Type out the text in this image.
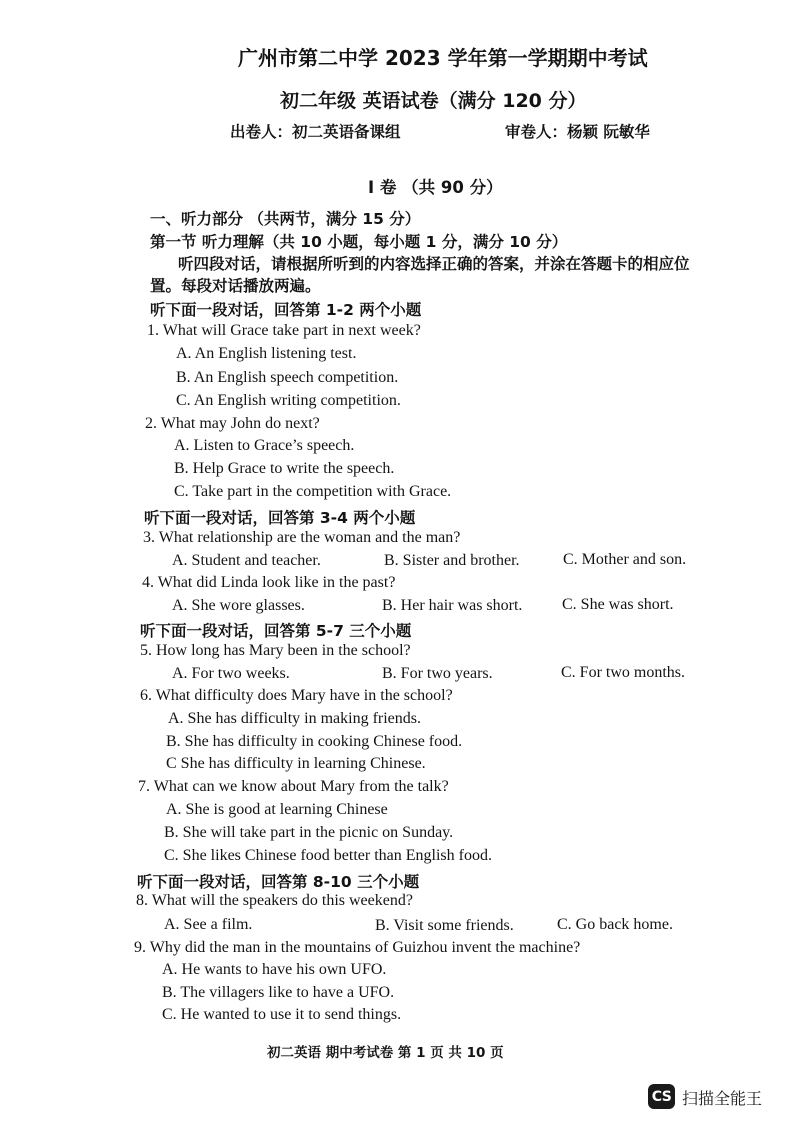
广州市第二中学 2023 学年第一学期期中考试
初二年级 英语试卷（满分 120 分）
出卷人：初二英语备课组	审卷人：杨颖 阮敏华
I 卷 （共 90 分）
一、听力部分 （共两节，满分 15 分）
第一节 听力理解（共 10 小题，每小题 1 分，满分 10 分）
听四段对话，请根据所听到的内容选择正确的答案，并涂在答题卡的相应位
置。每段对话播放两遍。
听下面一段对话，回答第 1-2 两个小题
1. What will Grace take part in next week?
A. An English listening test.
B. An English speech competition.
C. An English writing competition.
2. What may John do next?
A. Listen to Grace’s speech.
B. Help Grace to write the speech.
C. Take part in the competition with Grace.
听下面一段对话，回答第 3-4 两个小题
3. What relationship are the woman and the man?
A. Student and teacher.	B. Sister and brother.	C. Mother and son.
4. What did Linda look like in the past?
A. She wore glasses.	B. Her hair was short. C. She was short.
听下面一段对话，回答第 5-7 三个小题
5. How long has Mary been in the school?
A. For two weeks.	B. For two years.	C. For two months.
6. What difficulty does Mary have in the school?
A. She has difficulty in making friends.
B. She has difficulty in cooking Chinese food.
C She has difficulty in learning Chinese.
7. What can we know about Mary from the talk?
A. She is good at learning Chinese
B. She will take part in the picnic on Sunday.
C. She likes Chinese food better than English food.
听下面一段对话，回答第 8-10 三个小题
8. What will the speakers do this weekend?
A. See a film.	B. Visit some friends.	C. Go back home.
9. Why did the man in the mountains of Guizhou invent the machine?
A. He wants to have his own UFO.
B. The villagers like to have a UFO.
C. He wanted to use it to send things.
初二英语 期中考试卷 第 1 页 共 10 页
CS 扫描全能王
